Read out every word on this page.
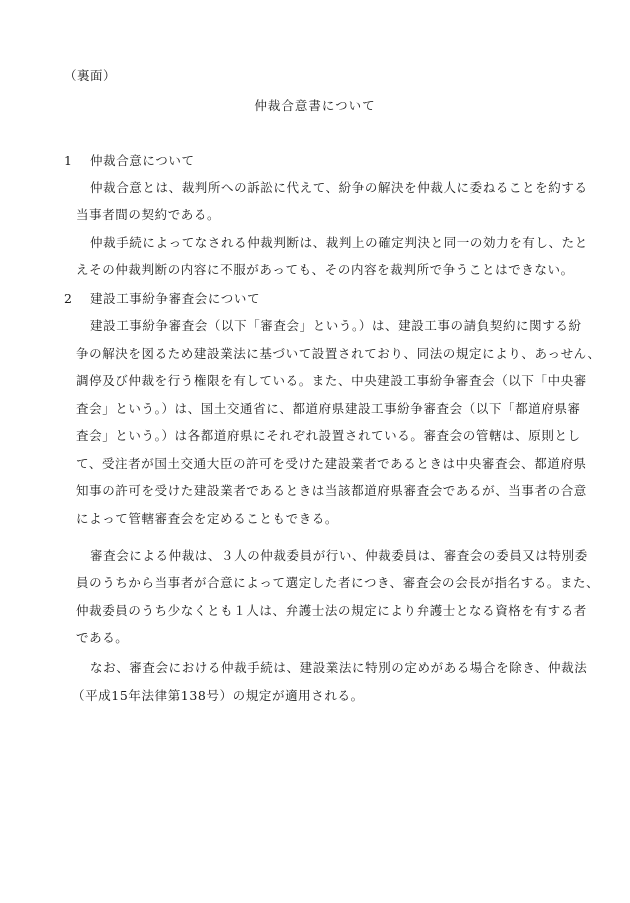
（裏面）
仲裁合意書について
1 仲裁合意について
仲裁合意とは、裁判所への訴訟に代えて、紛争の解決を仲裁人に委ねることを約する
当事者間の契約である。
仲裁手続によってなされる仲裁判断は、裁判上の確定判決と同一の効力を有し、たと
えその仲裁判断の内容に不服があっても、その内容を裁判所で争うことはできない。
2 建設工事紛争審査会について
建設工事紛争審査会（以下「審査会」という。）は、建設工事の請負契約に関する紛
争の解決を図るため建設業法に基づいて設置されており、同法の規定により、あっせん、
調停及び仲裁を行う権限を有している。また、中央建設工事紛争審査会（以下「中央審
査会」という。）は、国土交通省に、都道府県建設工事紛争審査会（以下「都道府県審
査会」という。）は各都道府県にそれぞれ設置されている。審査会の管轄は、原則とし
て、受注者が国土交通大臣の許可を受けた建設業者であるときは中央審査会、都道府県
知事の許可を受けた建設業者であるときは当該都道府県審査会であるが、当事者の合意
によって管轄審査会を定めることもできる。
審査会による仲裁は、３人の仲裁委員が行い、仲裁委員は、審査会の委員又は特別委
員のうちから当事者が合意によって選定した者につき、審査会の会長が指名する。また、
仲裁委員のうち少なくとも１人は、弁護士法の規定により弁護士となる資格を有する者
である。
なお、審査会における仲裁手続は、建設業法に特別の定めがある場合を除き、仲裁法
（平成15年法律第138号）の規定が適用される。
